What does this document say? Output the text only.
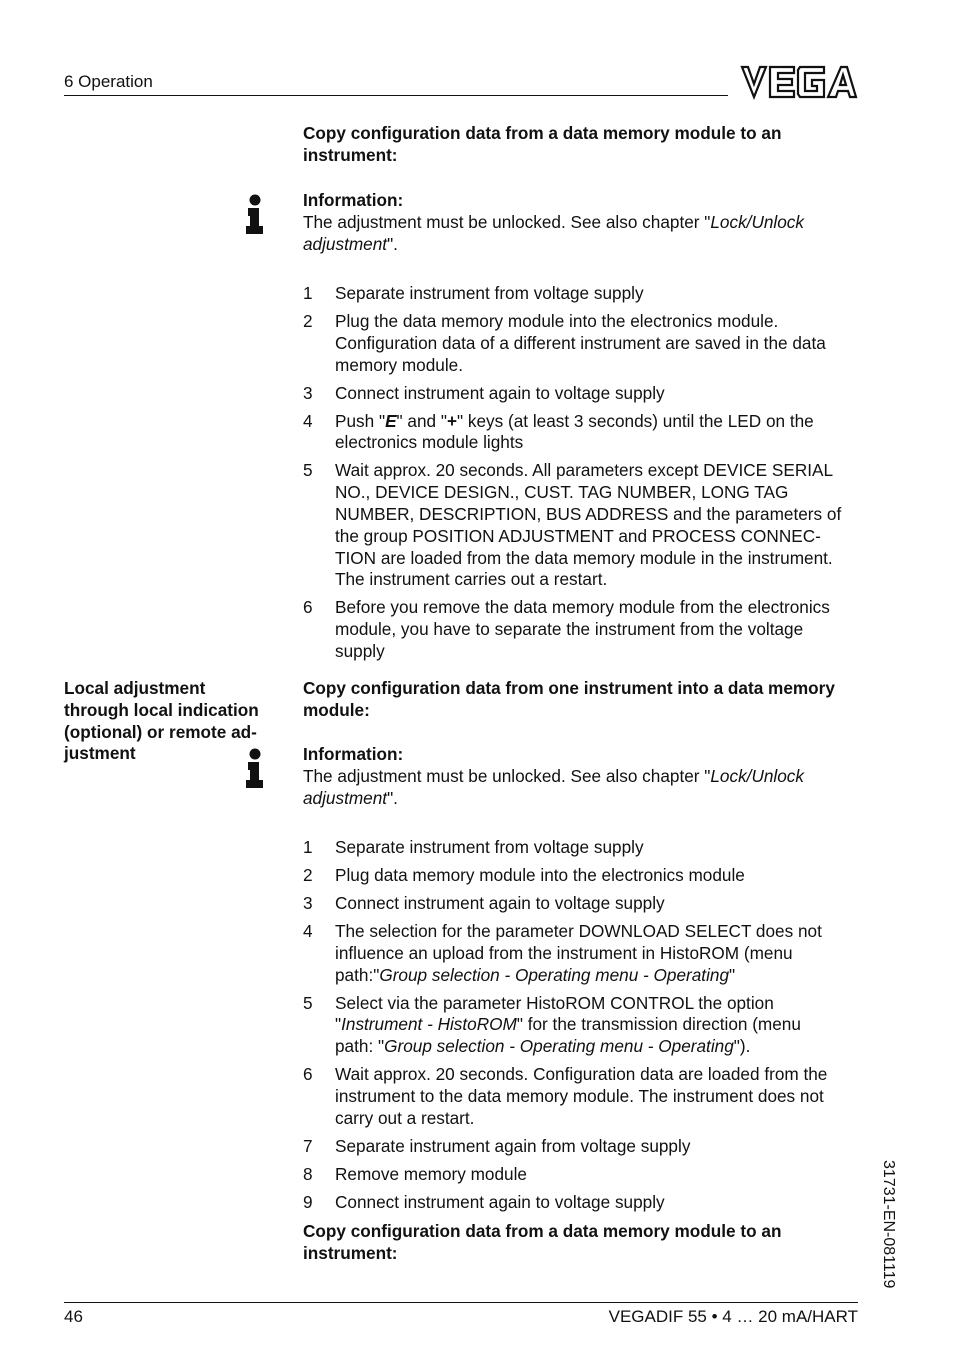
6 Operation
Copy configuration data from a data memory module to an
instrument:
Information:
The adjustment must be unlocked. See also chapter "Lock/Unlock
adjustment".
1 Separate instrument from voltage supply
2 Plug the data memory module into the electronics module.
Configuration data of a different instrument are saved in the data
memory module.
3 Connect instrument again to voltage supply
4 Push "E" and "+" keys (at least 3 seconds) until the LED on the
electronics module lights
5 Wait approx. 20 seconds. All parameters except DEVICE SERIAL
NO., DEVICE DESIGN., CUST. TAG NUMBER, LONG TAG
NUMBER, DESCRIPTION, BUS ADDRESS and the parameters of
the group POSITION ADJUSTMENT and PROCESS CONNEC-
TION are loaded from the data memory module in the instrument.
The instrument carries out a restart.
6 Before you remove the data memory module from the electronics
module, you have to separate the instrument from the voltage
supply
Local adjustment
through local indication
(optional) or remote ad-
justment
Copy configuration data from one instrument into a data memory
module:
Information:
The adjustment must be unlocked. See also chapter "Lock/Unlock
adjustment".
1 Separate instrument from voltage supply
2 Plug data memory module into the electronics module
3 Connect instrument again to voltage supply
4 The selection for the parameter DOWNLOAD SELECT does not
influence an upload from the instrument in HistoROM (menu
path:"Group selection - Operating menu - Operating"
5 Select via the parameter HistoROM CONTROL the option
"Instrument - HistoROM" for the transmission direction (menu
path: "Group selection - Operating menu - Operating").
6 Wait approx. 20 seconds. Configuration data are loaded from the
instrument to the data memory module. The instrument does not
carry out a restart.
7 Separate instrument again from voltage supply
8 Remove memory module
9 Connect instrument again to voltage supply
Copy configuration data from a data memory module to an
instrument:	31731-EN-081119
46	VEGADIF 55 • 4 … 20 mA/HART
